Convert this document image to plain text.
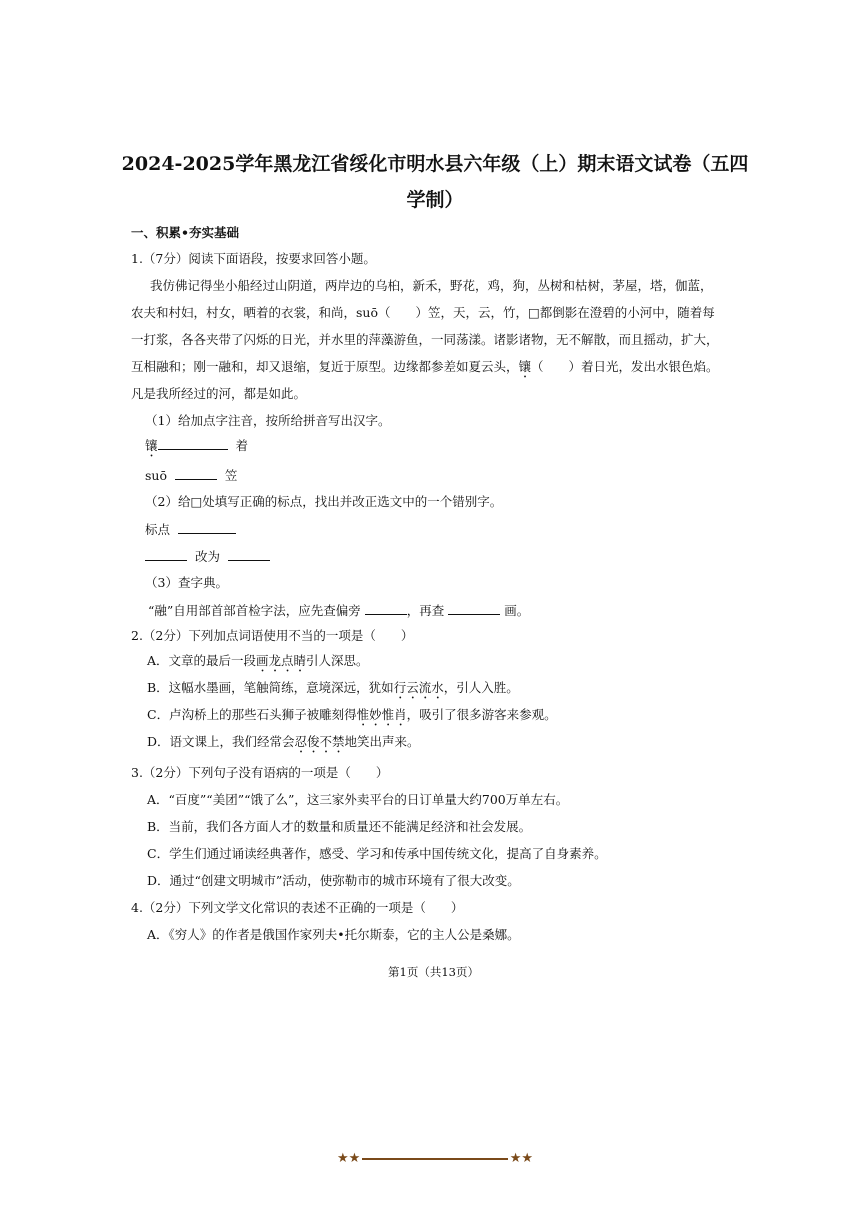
2024-2025学年黑龙江省绥化市明水县六年级（上）期末语文试卷（五四
学制）
一、积累•夯实基础
1.（7分）阅读下面语段，按要求回答小题。
我仿佛记得坐小船经过山阴道，两岸边的乌桕，新禾，野花，鸡，狗，丛树和枯树，茅屋，塔，伽蓝，
农夫和村妇，村女，晒着的衣裳，和尚，suō（　　）笠，天，云，竹，□都倒影在澄碧的小河中，随着每
一打浆，各各夹带了闪烁的日光，并水里的萍藻游鱼，一同荡漾。诸影诸物，无不解散，而且摇动，扩大，
互相融和；刚一融和，却又退缩，复近于原型。边缘都参差如夏云头，镶（　　）着日光，发出水银色焰。
凡是我所经过的河，都是如此。
（1）给加点字注音，按所给拼音写出汉字。
镶	着
suō	笠
（2）给□处填写正确的标点，找出并改正选文中的一个错别字。
标点
改为
（3）查字典。
“融”自用部首部首检字法，应先查偏旁	，再查	画。
2.（2分）下列加点词语使用不当的一项是（　　）
A．文章的最后一段画龙点睛引人深思。
B．这幅水墨画，笔触简练，意境深远，犹如行云流水，引人入胜。
C．卢沟桥上的那些石头狮子被雕刻得惟妙惟肖，吸引了很多游客来参观。
D．语文课上，我们经常会忍俊不禁地笑出声来。
3.（2分）下列句子没有语病的一项是（　　）
A．“百度”“美团”“饿了么”，这三家外卖平台的日订单量大约700万单左右。
B．当前，我们各方面人才的数量和质量还不能满足经济和社会发展。
C．学生们通过诵读经典著作，感受、学习和传承中国传统文化，提高了自身素养。
D．通过“创建文明城市”活动，使弥勒市的城市环境有了很大改变。
4.（2分）下列文学文化常识的表述不正确的一项是（　　）
A．《穷人》的作者是俄国作家列夫•托尔斯泰，它的主人公是桑娜。
第1页（共13页）
★ ★	★ ★
